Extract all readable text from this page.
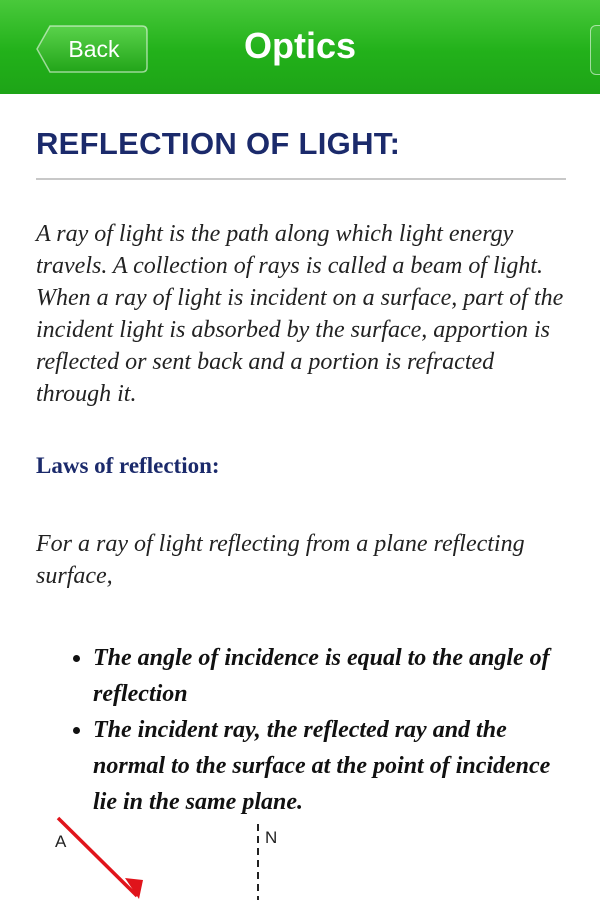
Back	Optics
REFLECTION OF LIGHT:
A ray of light is the path along which light energy travels. A collection of rays is called a beam of light. When a ray of light is incident on a surface, part of the incident light is absorbed by the surface, apportion is reflected or sent back and a portion is refracted through it.
Laws of reflection:
For a ray of light reflecting from a plane reflecting surface,
• The angle of incidence is equal to the angle of reflection
• The incident ray, the reflected ray and the normal to the surface at the point of incidence lie in the same plane.
A	N
